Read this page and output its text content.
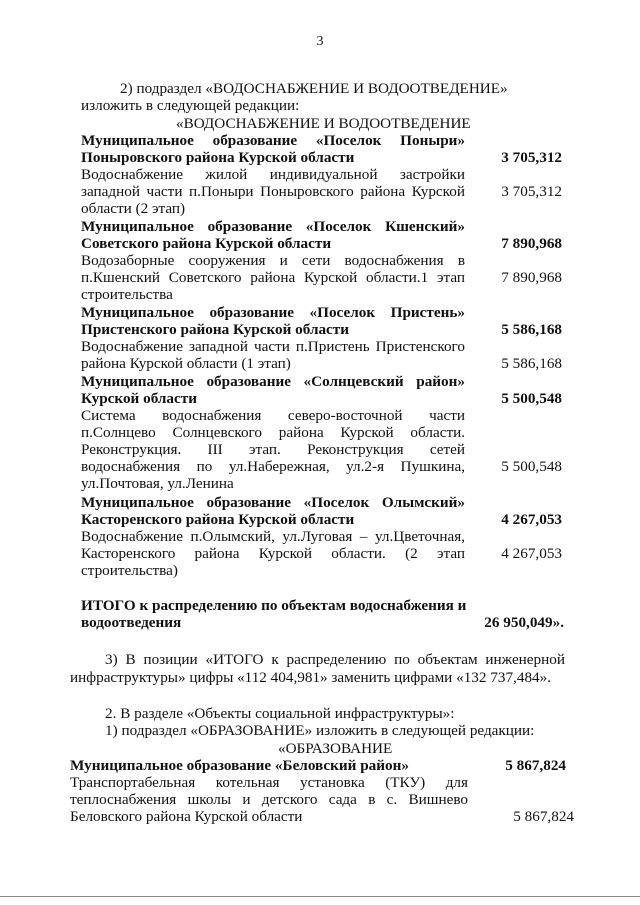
3
2) подраздел «ВОДОСНАБЖЕНИЕ И ВОДООТВЕДЕНИЕ»
изложить в следующей редакции:
«ВОДОСНАБЖЕНИЕ И ВОДООТВЕДЕНИЕ
Муниципальное образование «Поселок Поныри»
Поныровского района Курской области	3 705,312
Водоснабжение жилой индивидуальной застройки
западной части п.Поныри Поныровского района Курской
области (2 этап)
3 705,312
Муниципальное образование «Поселок Кшенский»
Советского района Курской области	7 890,968
Водозаборные сооружения и сети водоснабжения в
п.Кшенский Советского района Курской области.1 этап
строительства
7 890,968
Муниципальное образование «Поселок Пристень»
Пристенского района Курской области	5 586,168
Водоснабжение западной части п.Пристень Пристенского
района Курской области (1 этап)	5 586,168
Муниципальное образование «Солнцевский район»
Курской области	5 500,548
Система водоснабжения северо-восточной части
п.Солнцево Солнцевского района Курской области.
Реконструкция. III этап. Реконструкция сетей
водоснабжения по ул.Набережная, ул.2-я Пушкина,
ул.Почтовая, ул.Ленина
5 500,548
Муниципальное образование «Поселок Олымский»
Касторенского района Курской области	4 267,053
Водоснабжение п.Олымский, ул.Луговая – ул.Цветочная,
Касторенского района Курской области. (2 этап
строительства)
4 267,053
ИТОГО к распределению по объектам водоснабжения и
водоотведения	26 950,049».
3) В позиции «ИТОГО к распределению по объектам инженерной
инфраструктуры» цифры «112 404,981» заменить цифрами «132 737,484».
2. В разделе «Объекты социальной инфраструктуры»:
1) подраздел «ОБРАЗОВАНИЕ» изложить в следующей редакции:
«ОБРАЗОВАНИЕ
Муниципальное образование «Беловский район»	5 867,824
Транспортабельная котельная установка (ТКУ) для
теплоснабжения школы и детского сада в с. Вишнево
Беловского района Курской области	5 867,824
